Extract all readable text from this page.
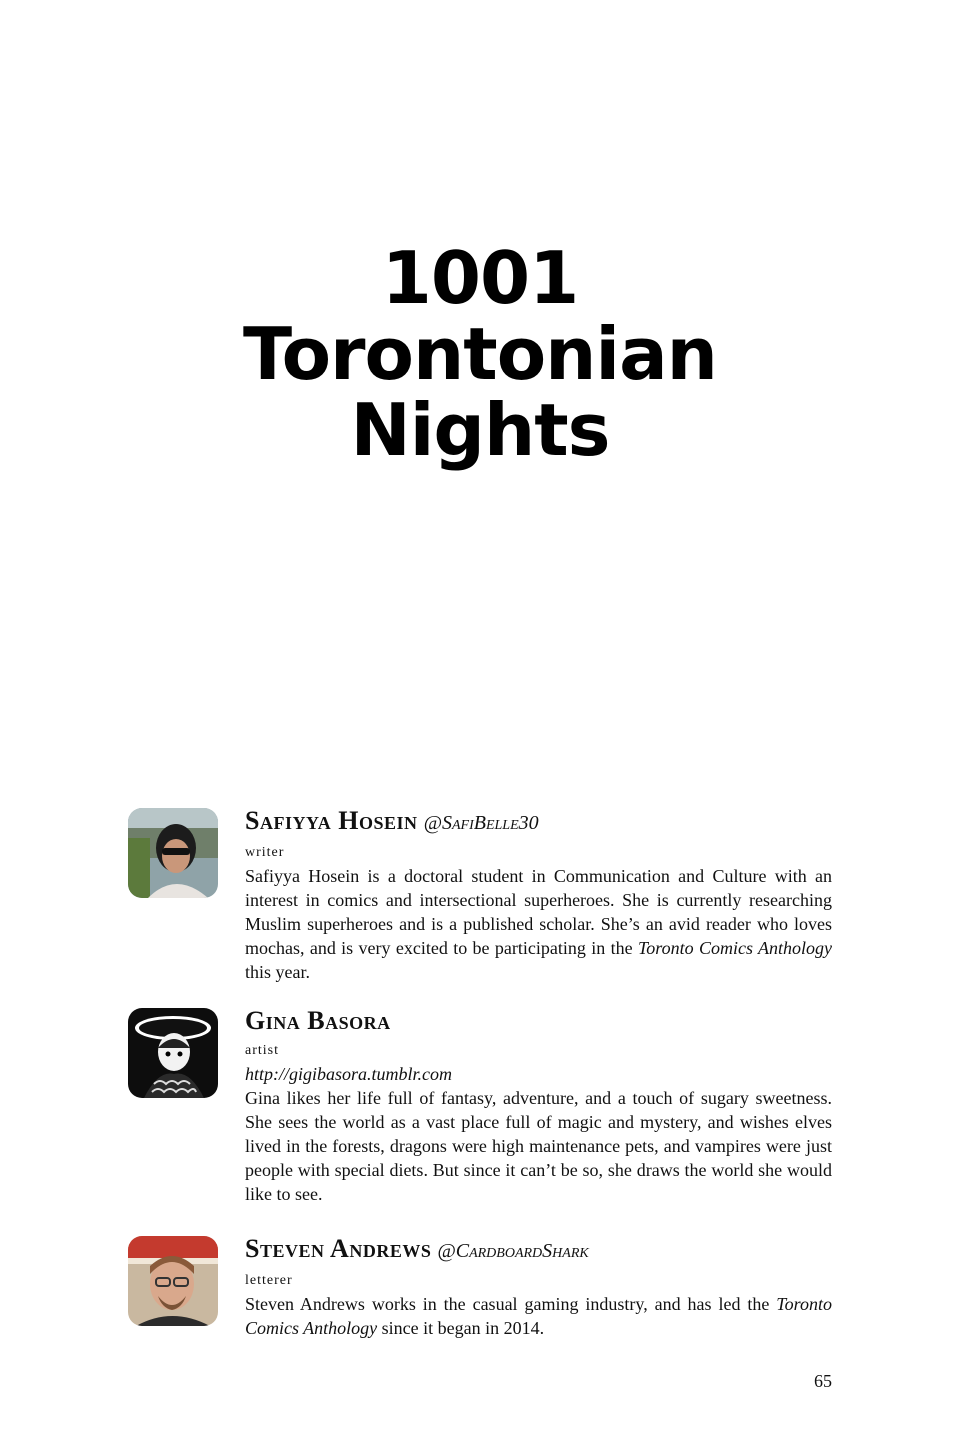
1001
Torontonian
Nights
Safiyya Hosein @SafiBelle30
writer
Safiyya Hosein is a doctoral student in Communication and Culture with an interest in comics and intersectional superheroes. She is currently researching Muslim superheroes and is a published scholar. She’s an avid reader who loves mochas, and is very excited to be participating in the Toronto Comics Anthology this year.
Gina Basora
artist
http://gigibasora.tumblr.com
Gina likes her life full of fantasy, adventure, and a touch of sugary sweetness. She sees the world as a vast place full of magic and mystery, and wishes elves lived in the forests, dragons were high maintenance pets, and vampires were just people with special diets. But since it can’t be so, she draws the world she would like to see.
Steven Andrews @CardboardShark
letterer
Steven Andrews works in the casual gaming industry, and has led the Toronto Comics Anthology since it began in 2014.
65
